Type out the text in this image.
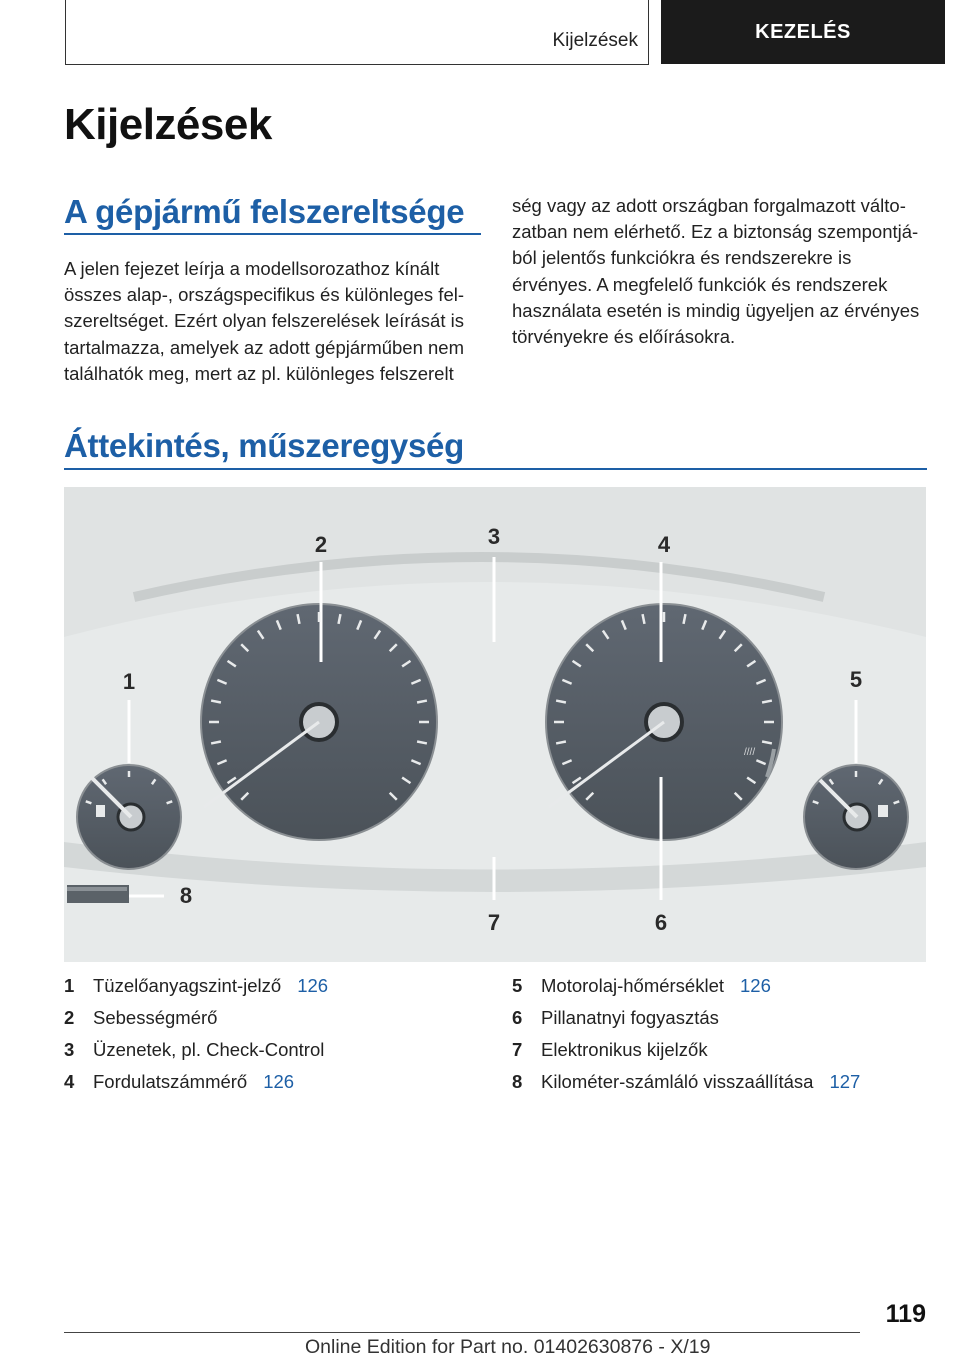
Kijelzések	KEZELÉS
Kijelzések
A gépjármű felszereltsége

A jelen fejezet leírja a modellsorozathoz kínált összes alap-, országspecifikus és különleges felszereltséget. Ezért olyan felszerelések leírását is tartalmazza, amelyek az adott gépjárműben nem találhatók meg, mert az pl. különleges felszerelt

ség vagy az adott országban forgalmazott változatban nem elérhető. Ez a biztonság szempontjából jelentős funkciókra és rendszerekre is érvényes. A megfelelő funkciók és rendszerek használata esetén is mindig ügyeljen az érvényes törvényekre és előírásokra.

Áttekintés, műszeregység
////
1
2	3	4
5
6
7
8
1	Tüzelőanyagszint-jelző 126
2	Sebességmérő
3	Üzenetek, pl. Check-Control
4	Fordulatszámmérő 126
5	Motorolaj-hőmérséklet 126
6	Pillanatnyi fogyasztás
7	Elektronikus kijelzők
8	Kilométer-számláló visszaállítása 127
119
Online Edition for Part no. 01402630876 - X/19
